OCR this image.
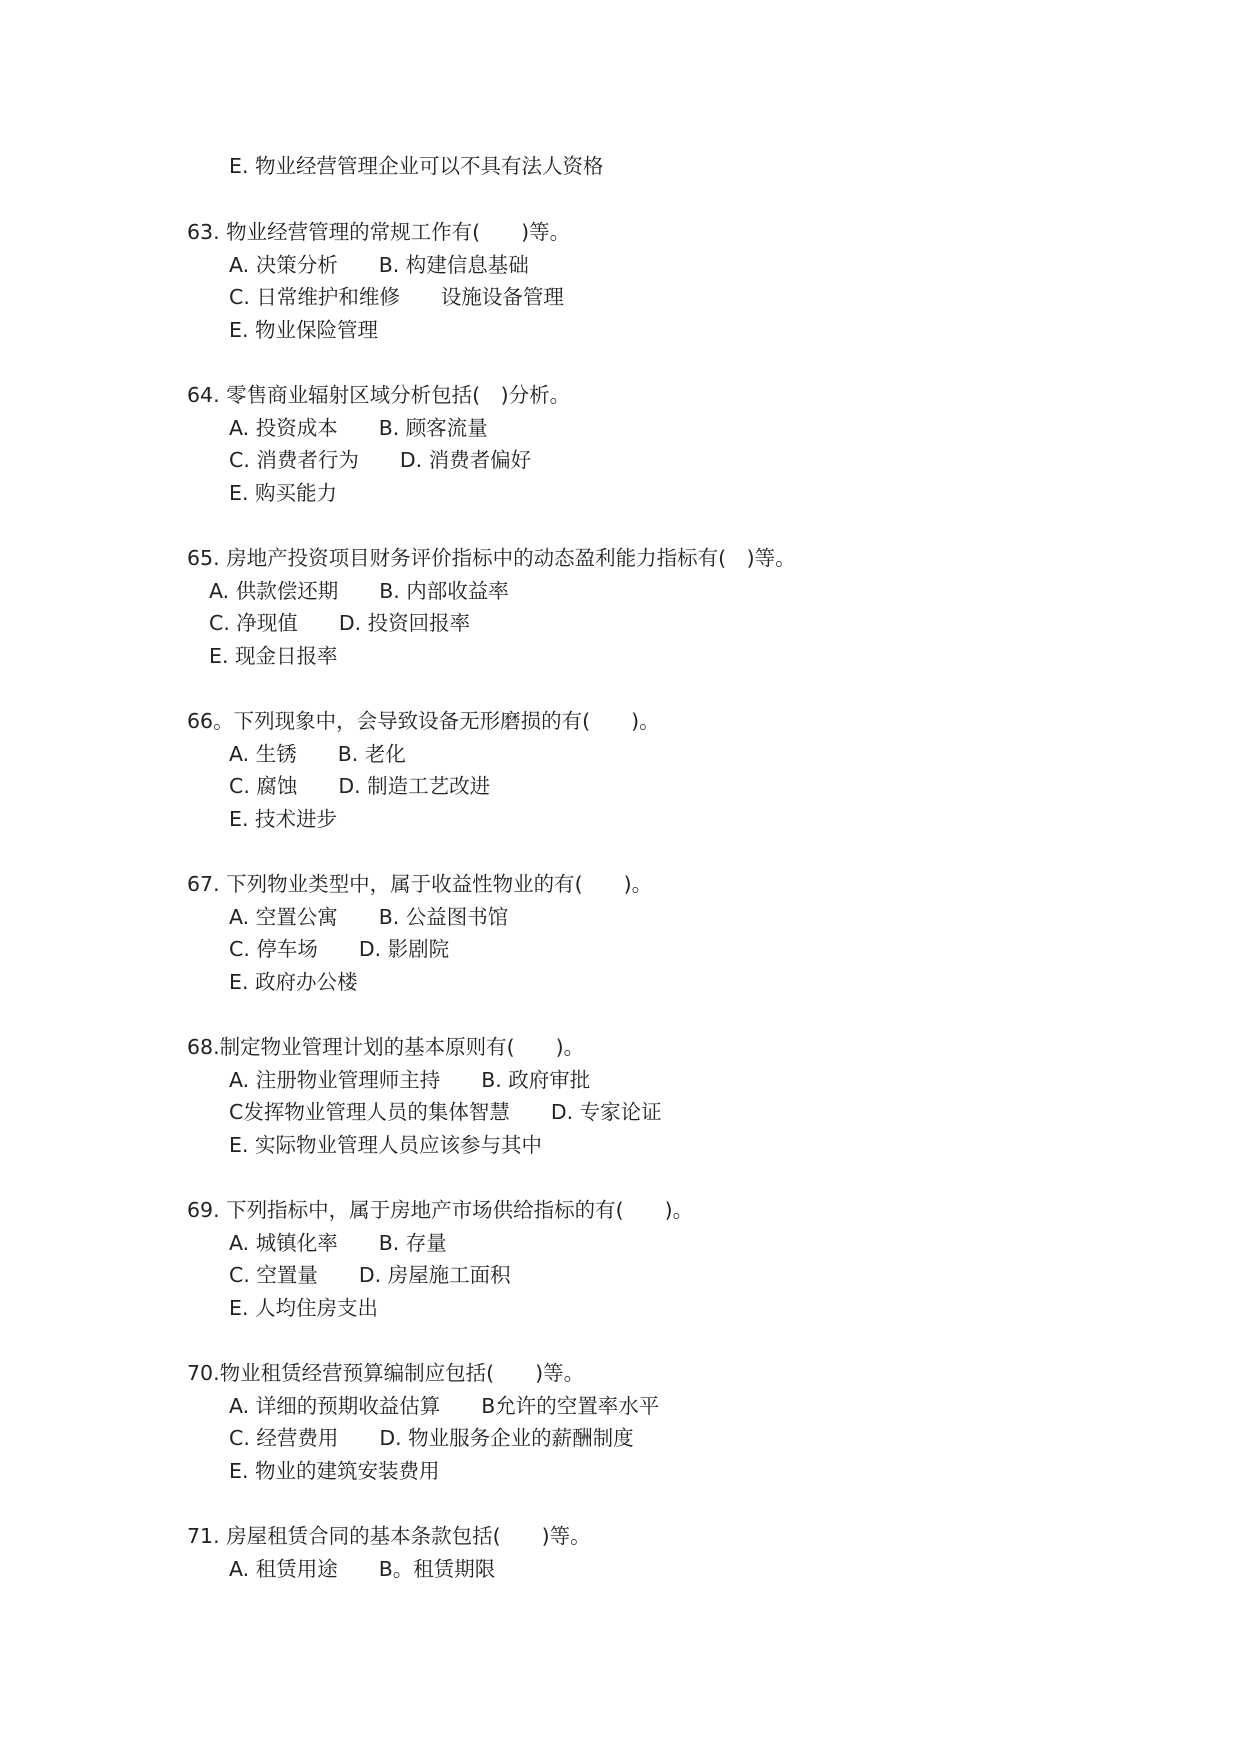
E. 物业经营管理企业可以不具有法人资格
63. 物业经营管理的常规工作有(　　)等。
A. 决策分析　　B. 构建信息基础
C. 日常维护和维修　　设施设备管理
E. 物业保险管理
64. 零售商业辐射区域分析包括(　)分析。
A. 投资成本　　B. 顾客流量
C. 消费者行为　　D. 消费者偏好
E. 购买能力
65. 房地产投资项目财务评价指标中的动态盈利能力指标有(　)等。
A. 供款偿还期　　B. 内部收益率
C. 净现值　　D. 投资回报率
E. 现金日报率
66。下列现象中，会导致设备无形磨损的有(　　)。
A. 生锈　　B. 老化
C. 腐蚀　　D. 制造工艺改进
E. 技术进步
67. 下列物业类型中，属于收益性物业的有(　　)。
A. 空置公寓　　B. 公益图书馆
C. 停车场　　D. 影剧院
E. 政府办公楼
68.制定物业管理计划的基本原则有(　　)。
A. 注册物业管理师主持　　B. 政府审批
C发挥物业管理人员的集体智慧　　D. 专家论证
E. 实际物业管理人员应该参与其中
69. 下列指标中，属于房地产市场供给指标的有(　　)。
A. 城镇化率　　B. 存量
C. 空置量　　D. 房屋施工面积
E. 人均住房支出
70.物业租赁经营预算编制应包括(　　)等。
A. 详细的预期收益估算　　B允许的空置率水平
C. 经营费用　　D. 物业服务企业的薪酬制度
E. 物业的建筑安装费用
71. 房屋租赁合同的基本条款包括(　　)等。
A. 租赁用途　　B。租赁期限
